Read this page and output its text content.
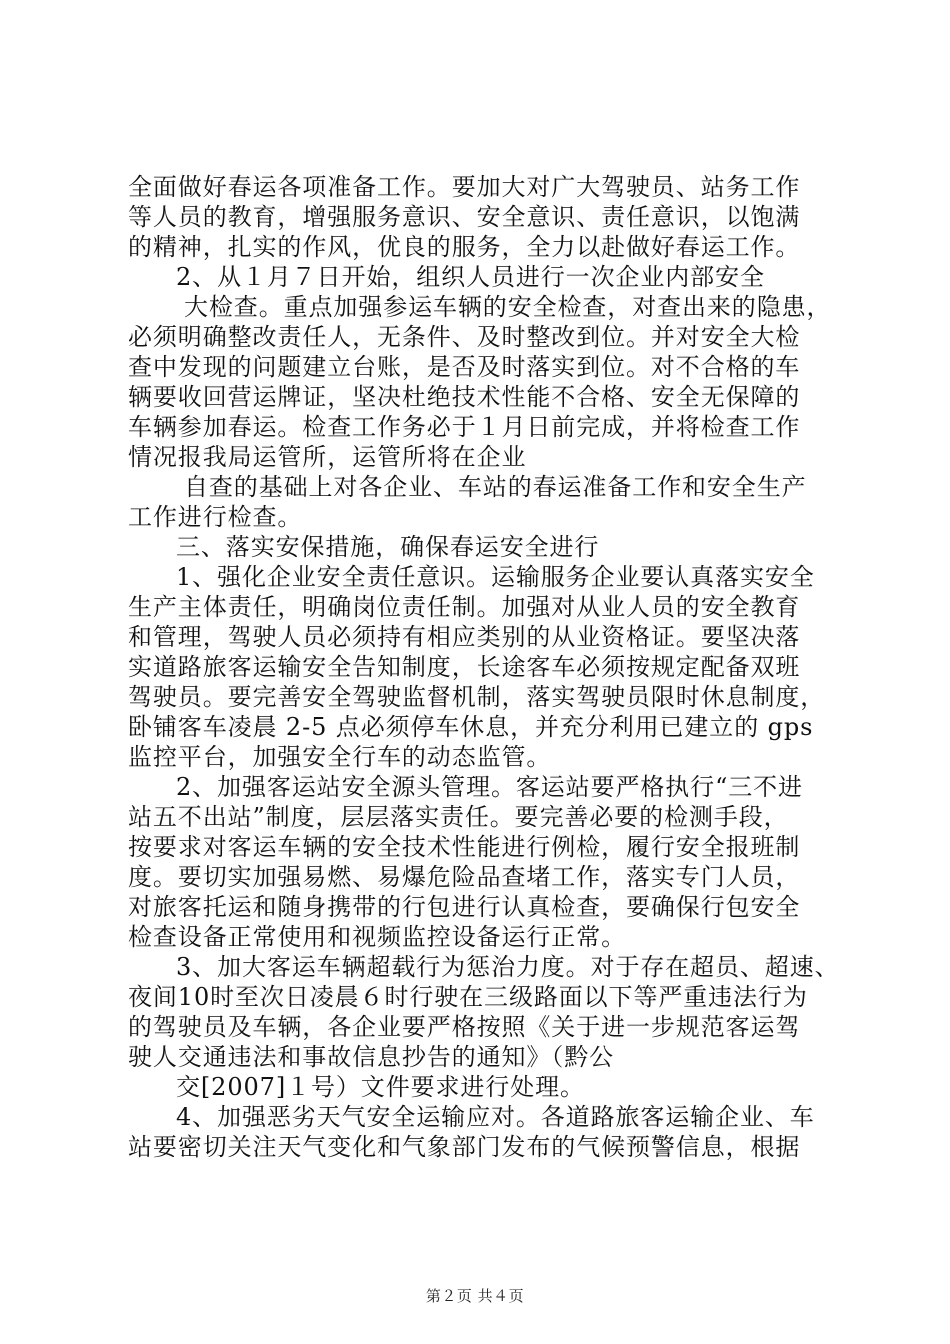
全面做好春运各项准备工作。要加大对广大驾驶员、站务工作
等人员的教育，增强服务意识、安全意识、责任意识，以饱满
的精神，扎实的作风，优良的服务，全力以赴做好春运工作。
2、从１月７日开始，组织人员进行一次企业内部安全
大检查。重点加强参运车辆的安全检查，对查出来的隐患，
必须明确整改责任人，无条件、及时整改到位。并对安全大检
查中发现的问题建立台账，是否及时落实到位。对不合格的车
辆要收回营运牌证，坚决杜绝技术性能不合格、安全无保障的
车辆参加春运。检查工作务必于１月日前完成，并将检查工作
情况报我局运管所，运管所将在企业
自查的基础上对各企业、车站的春运准备工作和安全生产
工作进行检查。
三、落实安保措施，确保春运安全进行
1、强化企业安全责任意识。运输服务企业要认真落实安全
生产主体责任，明确岗位责任制。加强对从业人员的安全教育
和管理，驾驶人员必须持有相应类别的从业资格证。要坚决落
实道路旅客运输安全告知制度，长途客车必须按规定配备双班
驾驶员。要完善安全驾驶监督机制，落实驾驶员限时休息制度，
卧铺客车凌晨 2-5 点必须停车休息，并充分利用已建立的 gps
监控平台，加强安全行车的动态监管。
2、加强客运站安全源头管理。客运站要严格执行“三不进
站五不出站”制度，层层落实责任。要完善必要的检测手段，
按要求对客运车辆的安全技术性能进行例检，履行安全报班制
度。要切实加强易燃、易爆危险品查堵工作，落实专门人员，
对旅客托运和随身携带的行包进行认真检查，要确保行包安全
检查设备正常使用和视频监控设备运行正常。
3、加大客运车辆超载行为惩治力度。对于存在超员、超速、
夜间10时至次日凌晨６时行驶在三级路面以下等严重违法行为
的驾驶员及车辆，各企业要严格按照《关于进一步规范客运驾
驶人交通违法和事故信息抄告的通知》（黔公
交[2007]１号）文件要求进行处理。
4、加强恶劣天气安全运输应对。各道路旅客运输企业、车
站要密切关注天气变化和气象部门发布的气候预警信息，根据
第２页 共４页
